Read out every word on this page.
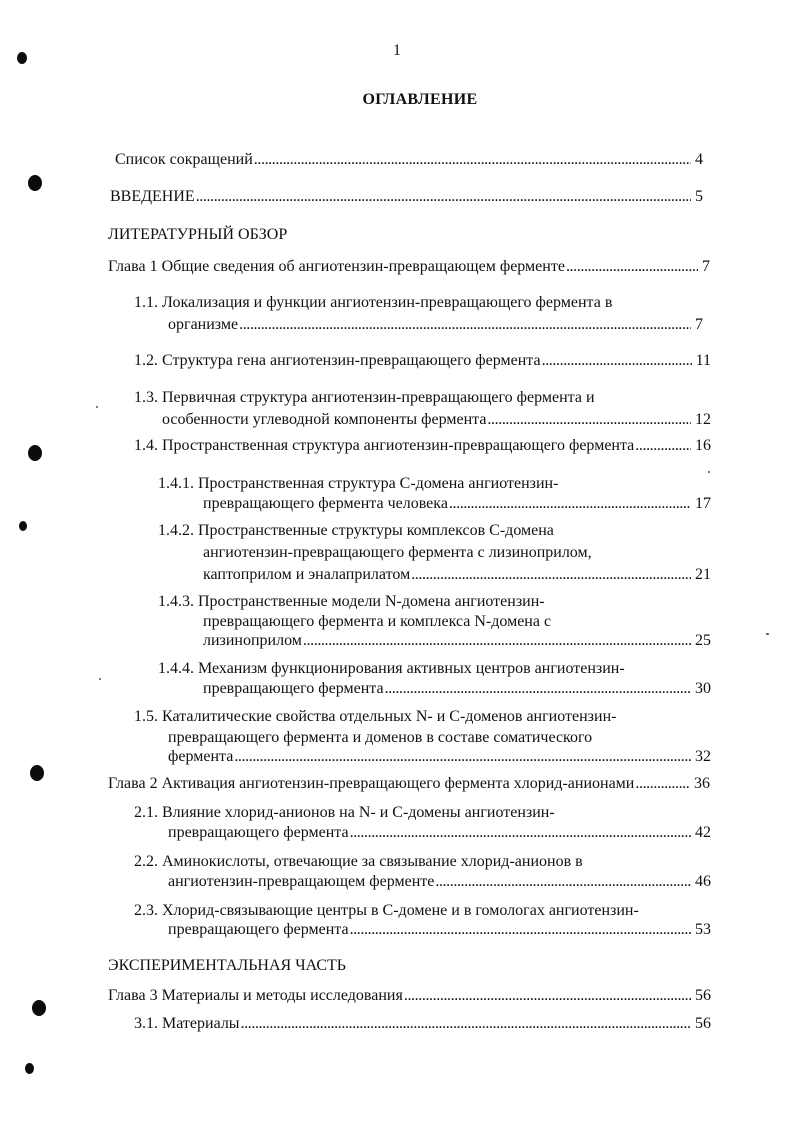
1
ОГЛАВЛЕНИЕ
Список сокращений . . .	4
ВВЕДЕНИЕ . . .	5
ЛИТЕРАТУРНЫЙ ОБЗОР
Глава 1 Общие сведения об ангиотензин-превращающем ферменте . . .	7
1.1. Локализация и функции ангиотензин-превращающего фермента в
организме . . .	7
1.2. Структура гена ангиотензин-превращающего фермента . . .	11
1.3. Первичная структура ангиотензин-превращающего фермента и
особенности углеводной компоненты фермента . . .	12
1.4. Пространственная структура ангиотензин-превращающего фермента . . .	16
1.4.1. Пространственная структура С-домена ангиотензин-
превращающего фермента человека . . .	17
1.4.2. Пространственные структуры комплексов С-домена
ангиотензин-превращающего фермента с лизиноприлом,
каптоприлом и эналаприлатом . . .	21
1.4.3. Пространственные модели N-домена ангиотензин-
превращающего фермента и комплекса N-домена с
лизиноприлом . . .	25
1.4.4. Механизм функционирования активных центров ангиотензин-
превращающего фермента . . .	30
1.5. Каталитические свойства отдельных N- и С-доменов ангиотензин-
превращающего фермента и доменов в составе соматического
фермента . . .	32
Глава 2 Активация ангиотензин-превращающего фермента хлорид-анионами . . .	36
2.1. Влияние хлорид-анионов на N- и С-домены ангиотензин-
превращающего фермента . . .	42
2.2. Аминокислоты, отвечающие за связывание хлорид-анионов в
ангиотензин-превращающем ферменте . . .	46
2.3. Хлорид-связывающие центры в С-домене и в гомологах ангиотензин-
превращающего фермента . . .	53
ЭКСПЕРИМЕНТАЛЬНАЯ ЧАСТЬ
Глава 3 Материалы и методы исследования . . .	56
3.1. Материалы . . .	56
